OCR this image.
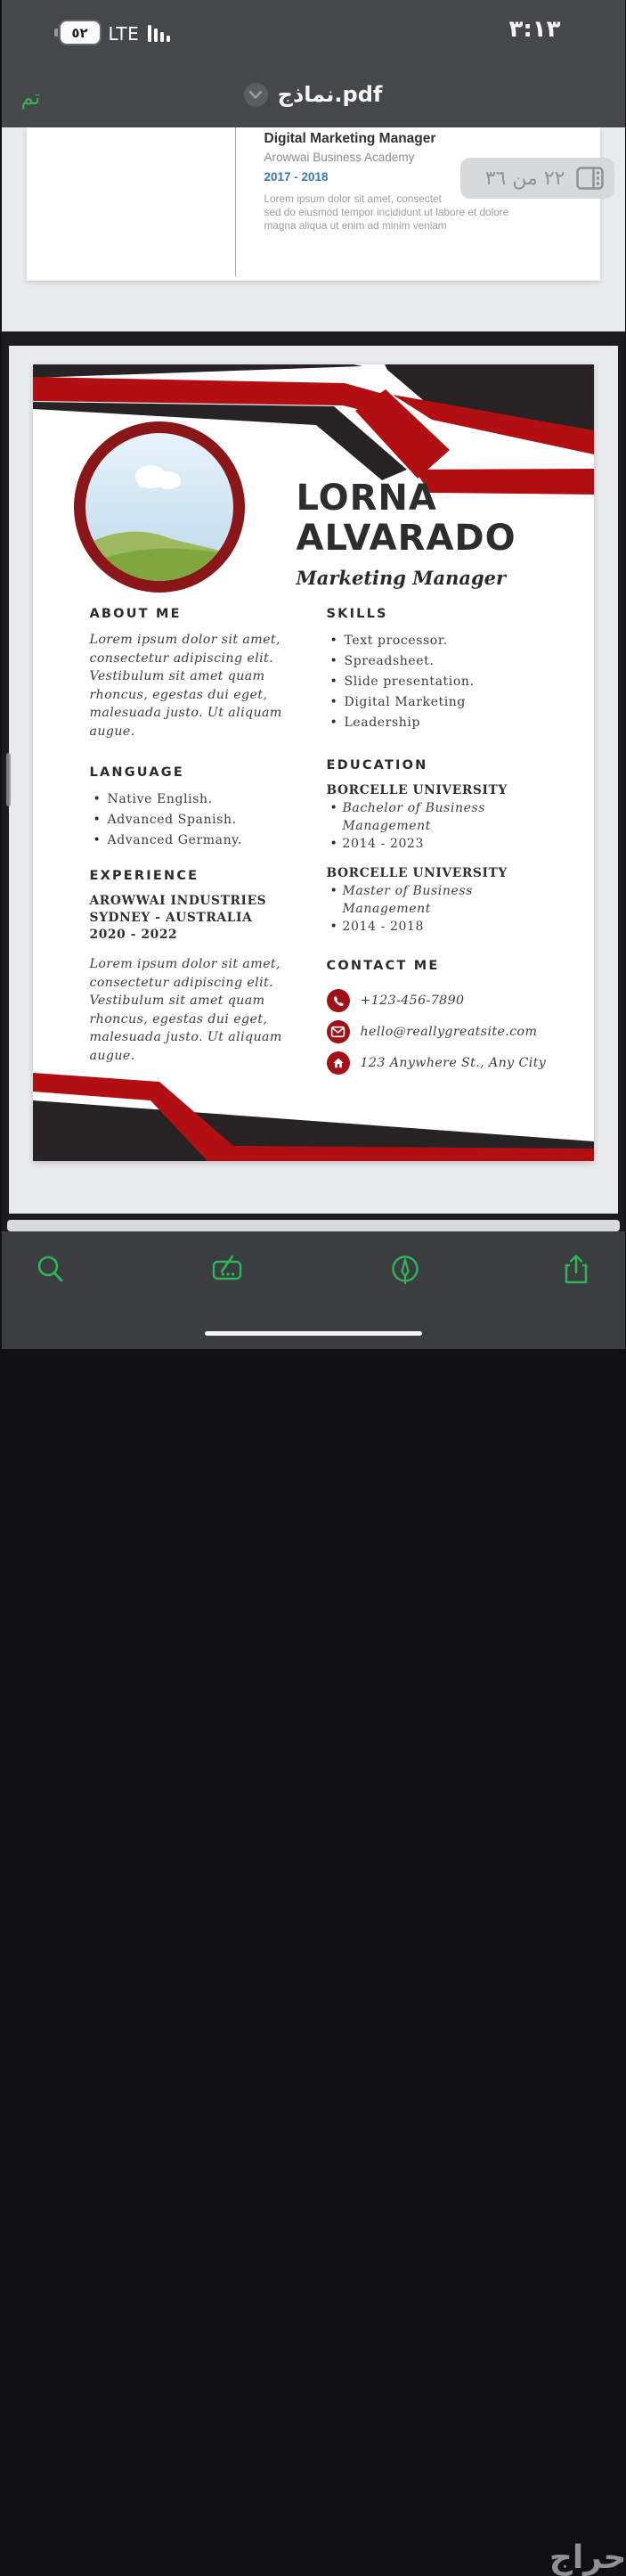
٣:١٣
٥٢	LTE
تم	نماذج.pdf
Digital Marketing Manager
Arowwai Business Academy
2017 - 2018
Lorem ipsum dolor sit amet, consectet
sed do eiusmod tempor incididunt ut labore et dolore
magna aliqua ut enim ad minim veniam
٢٢ من ٣٦
LORNA
ALVARADO
Marketing Manager
ABOUT ME

Lorem ipsum dolor sit amet, consectetur adipiscing elit. Vestibulum sit amet quam rhoncus, egestas dui eget, malesuada justo. Ut aliquam augue.

LANGUAGE
• Native English.
• Advanced Spanish.
• Advanced Germany.
EXPERIENCE
AROWWAI INDUSTRIES
SYDNEY - AUSTRALIA
2020 - 2022

Lorem ipsum dolor sit amet, consectetur adipiscing elit. Vestibulum sit amet quam rhoncus, egestas dui eget, malesuada justo. Ut aliquam augue.

SKILLS
• Text processor.
• Spreadsheet.
• Slide presentation.
• Digital Marketing
• Leadership
EDUCATION
BORCELLE UNIVERSITY
• Bachelor of Business Management
• 2014 - 2023
BORCELLE UNIVERSITY
• Master of Business Management
• 2014 - 2018
CONTACT ME
+123-456-7890
hello@reallygreatsite.com
123 Anywhere St., Any City
حراج
